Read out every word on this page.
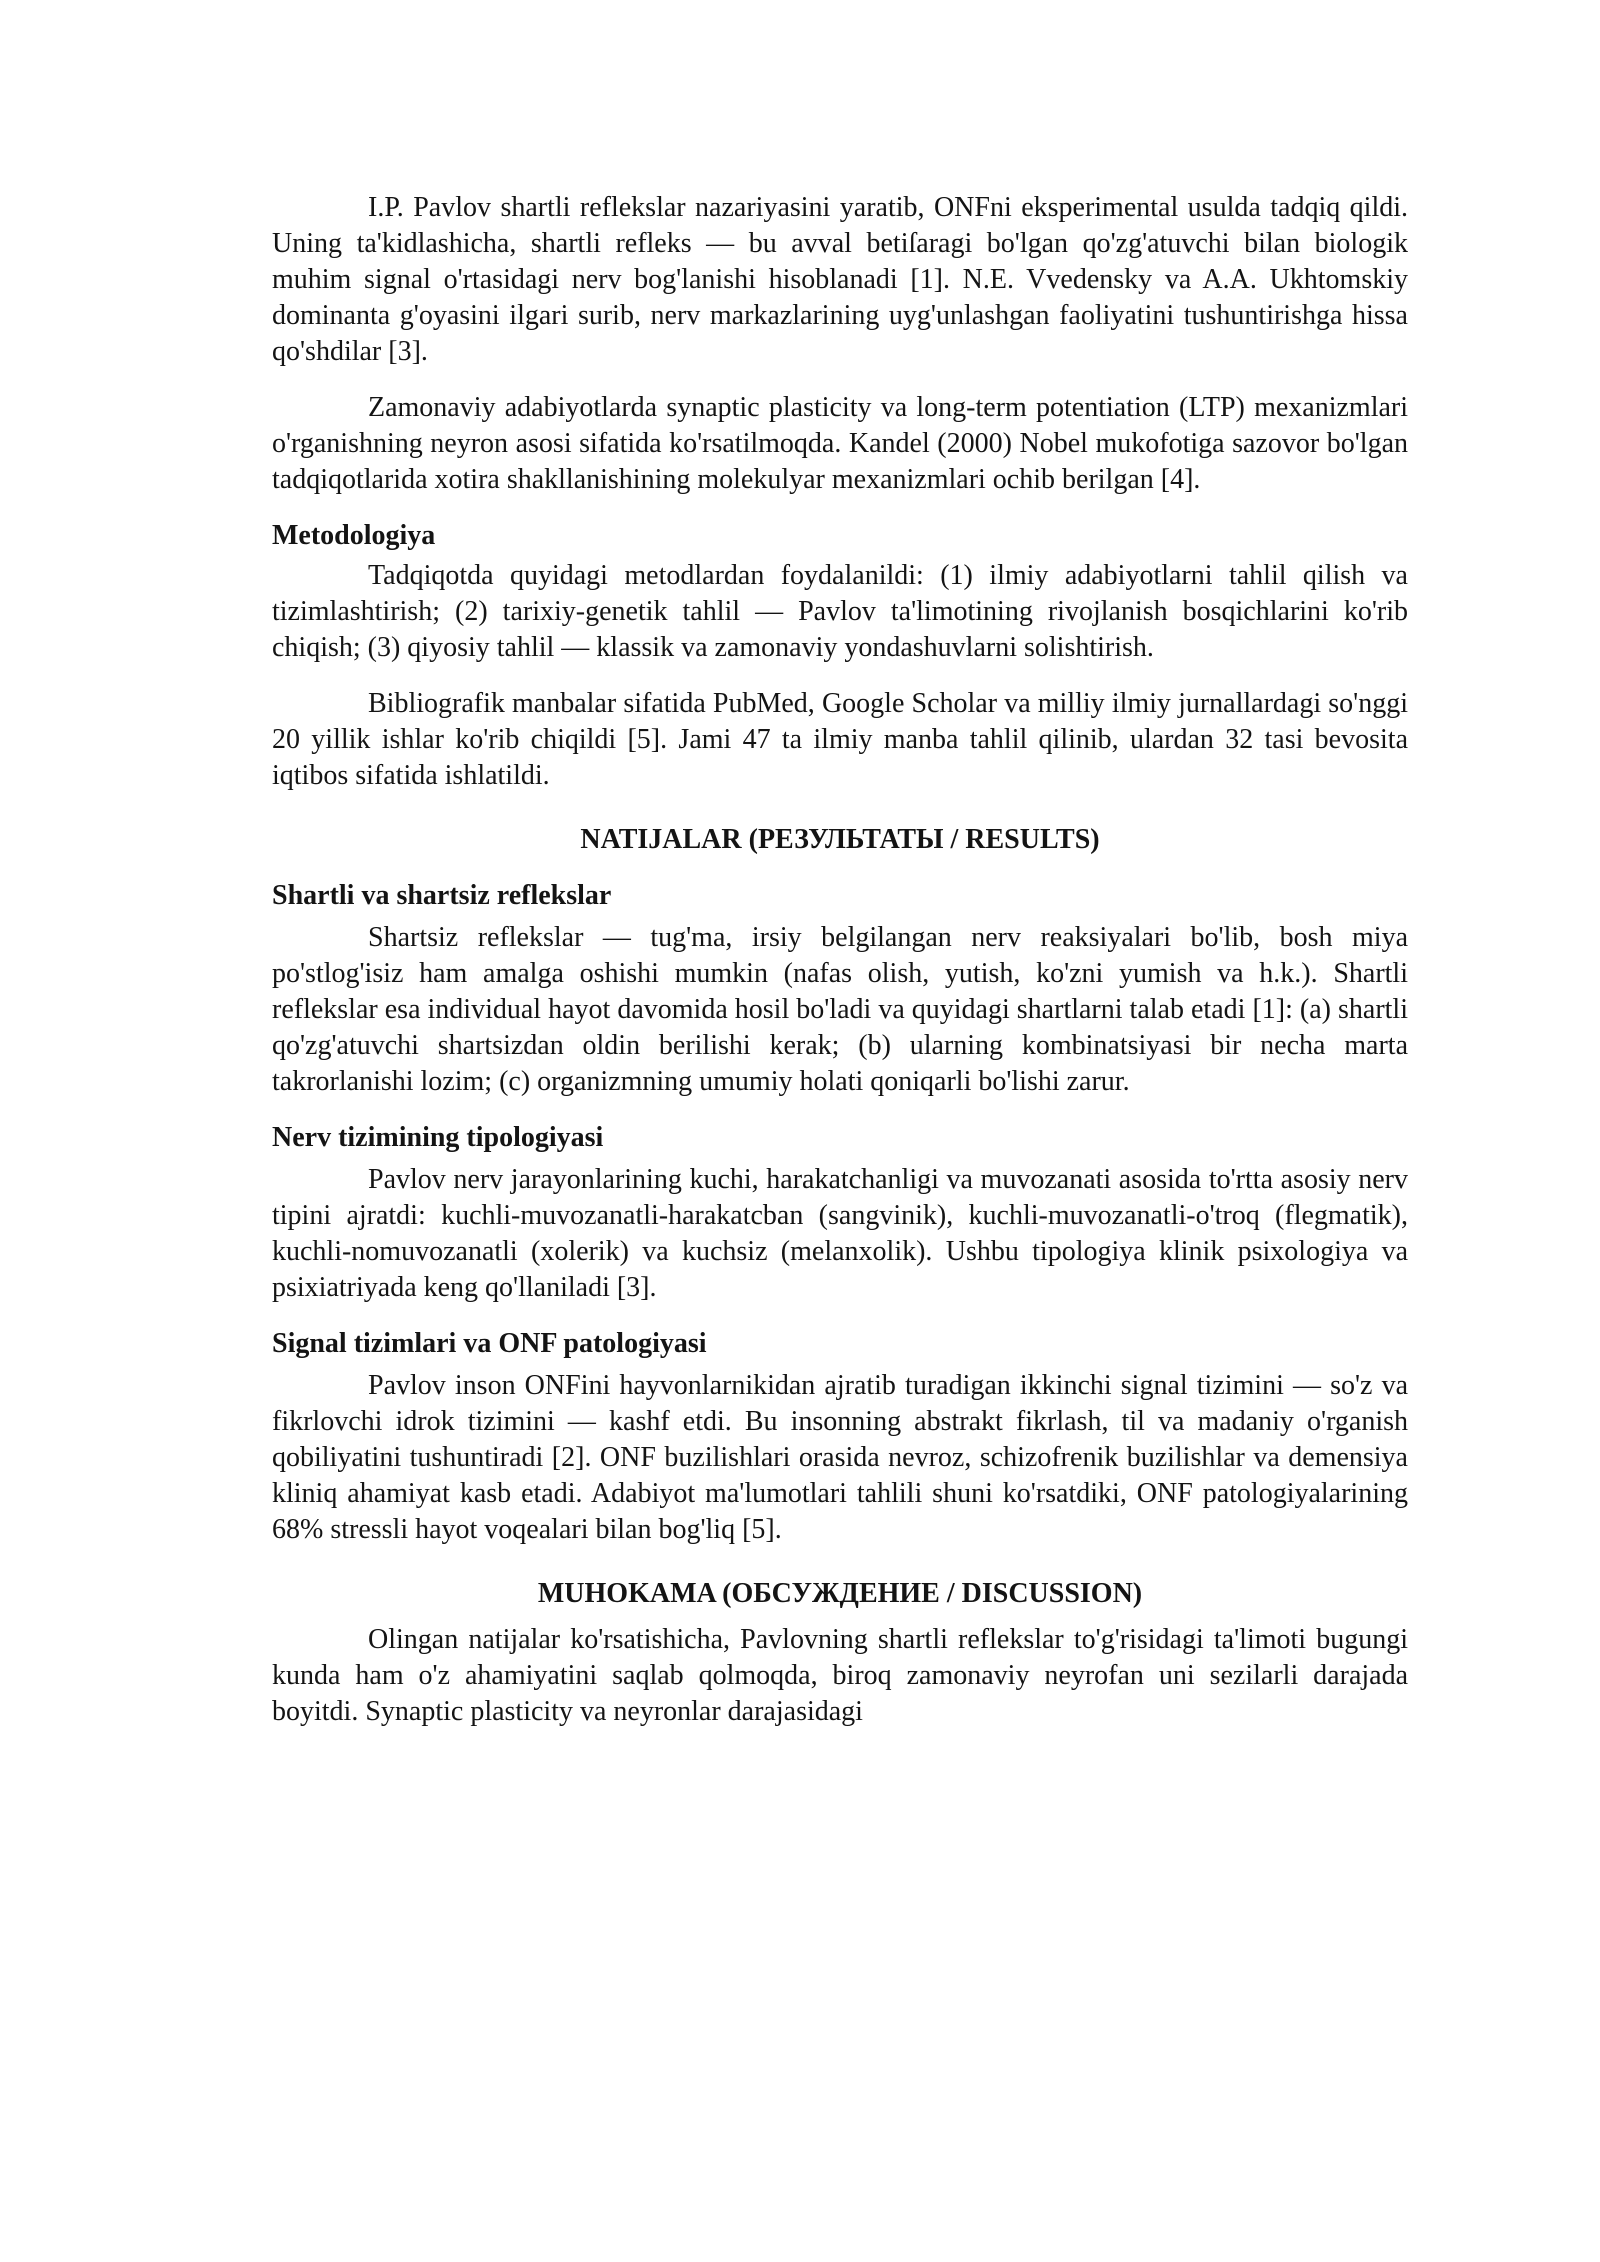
I.P. Pavlov shartli reflekslar nazariyasini yaratib, ONFni eksperimental usulda tadqiq qildi. Uning ta'kidlashicha, shartli refleks — bu avval betiſaragi bo'lgan qo'zg'atuvchi bilan biologik muhim signal o'rtasidagi nerv bog'lanishi hisoblanadi [1]. N.E. Vvedensky va A.A. Ukhtomskiy dominanta g'oyasini ilgari surib, nerv markazlarining uyg'unlashgan faoliyatini tushuntirishga hissa qo'shdilar [3].

Zamonaviy adabiyotlarda synaptic plasticity va long-term potentiation (LTP) mexanizmlari o'rganishning neyron asosi sifatida ko'rsatilmoqda. Kandel (2000) Nobel mukofotiga sazovor bo'lgan tadqiqotlarida xotira shakllanishining molekulyar mexanizmlari ochib berilgan [4].

Metodologiya

Tadqiqotda quyidagi metodlardan foydalanildi: (1) ilmiy adabiyotlarni tahlil qilish va tizimlashtirish; (2) tarixiy-genetik tahlil — Pavlov ta'limotining rivojlanish bosqichlarini ko'rib chiqish; (3) qiyosiy tahlil — klassik va zamonaviy yondashuvlarni solishtirish.

Bibliografik manbalar sifatida PubMed, Google Scholar va milliy ilmiy jurnallardagi so'nggi 20 yillik ishlar ko'rib chiqildi [5]. Jami 47 ta ilmiy manba tahlil qilinib, ulardan 32 tasi bevosita iqtibos sifatida ishlatildi.

NATIJALAR (РЕЗУЛЬТАТЫ / RESULTS)

Shartli va shartsiz reflekslar

Shartsiz reflekslar — tug'ma, irsiy belgilangan nerv reaksiyalari bo'lib, bosh miya po'stlog'isiz ham amalga oshishi mumkin (nafas olish, yutish, ko'zni yumish va h.k.). Shartli reflekslar esa individual hayot davomida hosil bo'ladi va quyidagi shartlarni talab etadi [1]: (a) shartli qo'zg'atuvchi shartsizdan oldin berilishi kerak; (b) ularning kombinatsiyasi bir necha marta takrorlanishi lozim; (c) organizmning umumiy holati qoniqarli bo'lishi zarur.

Nerv tizimining tipologiyasi

Pavlov nerv jarayonlarining kuchi, harakatchanligi va muvozanati asosida to'rtta asosiy nerv tipini ajratdi: kuchli-muvozanatli-harakatcban (sangvinik), kuchli-muvozanatli-o'troq (flegmatik), kuchli-nomuvozanatli (xolerik) va kuchsiz (melanxolik). Ushbu tipologiya klinik psixologiya va psixiatriyada keng qo'llaniladi [3].

Signal tizimlari va ONF patologiyasi

Pavlov inson ONFini hayvonlarnikidan ajratib turadigan ikkinchi signal tizimini — so'z va fikrlovchi idrok tizimini — kashf etdi. Bu insonning abstrakt fikrlash, til va madaniy o'rganish qobiliyatini tushuntiradi [2]. ONF buzilishlari orasida nevroz, schizofrenik buzilishlar va demensiya kliniq ahamiyat kasb etadi. Adabiyot ma'lumotlari tahlili shuni ko'rsatdiki, ONF patologiyalarining 68% stressli hayot voqealari bilan bog'liq [5].

MUHOKAMA (ОБСУЖДЕНИЕ / DISCUSSION)

Olingan natijalar ko'rsatishicha, Pavlovning shartli reflekslar to'g'risidagi ta'limoti bugungi kunda ham o'z ahamiyatini saqlab qolmoqda, biroq zamonaviy neyrofan uni sezilarli darajada boyitdi. Synaptic plasticity va neyronlar darajasidagi
